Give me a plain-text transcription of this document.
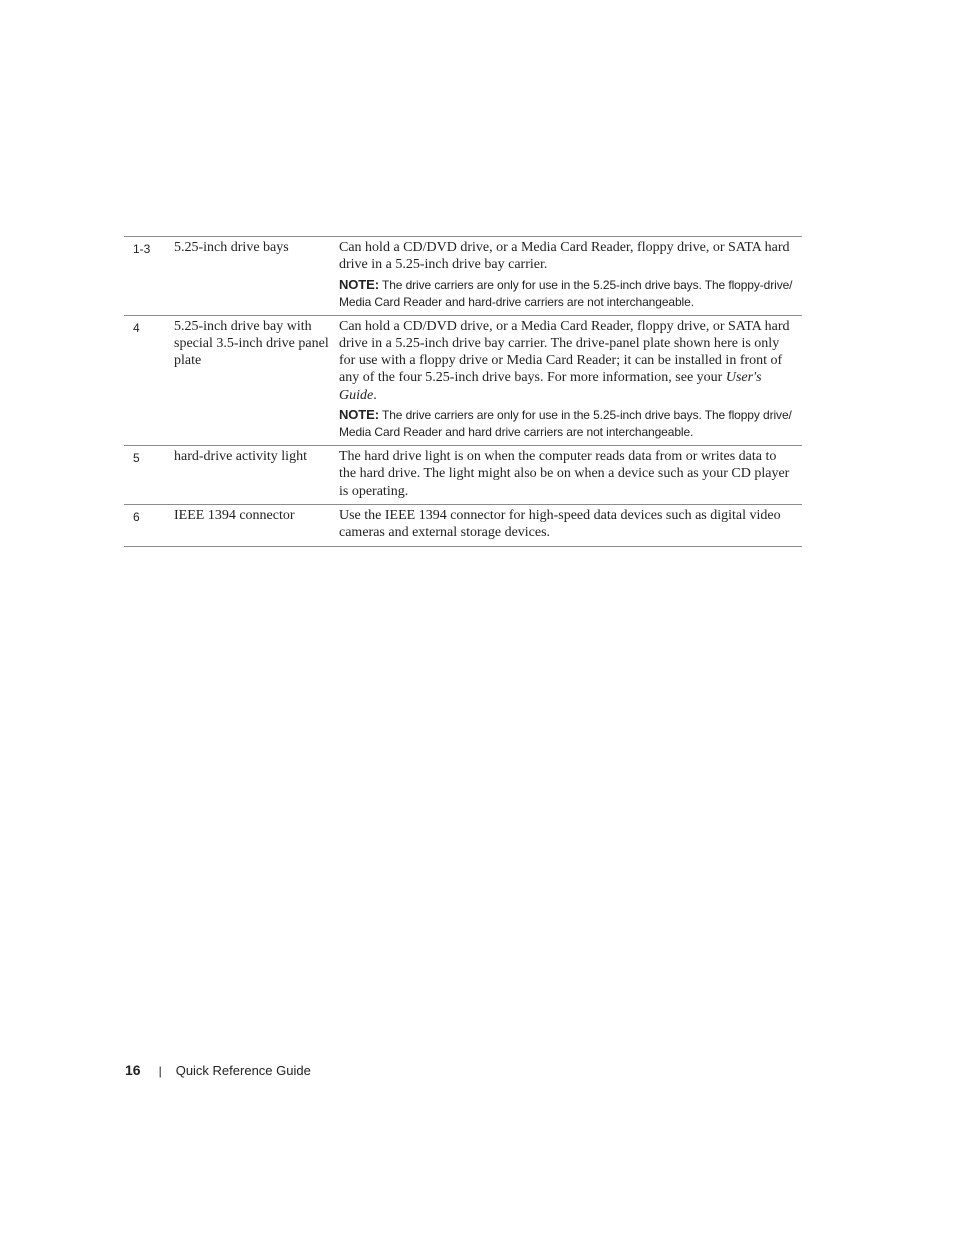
1-3	5.25-inch drive bays	Can hold a CD/DVD drive, or a Media Card Reader, floppy drive, or SATA hard drive in a 5.25-inch drive bay carrier.

NOTE: The drive carriers are only for use in the 5.25-inch drive bays. The floppy-drive/ Media Card Reader and hard-drive carriers are not interchangeable.

4	5.25-inch drive bay with special 3.5-inch drive panel plate	Can hold a CD/DVD drive, or a Media Card Reader, floppy drive, or SATA hard drive in a 5.25-inch drive bay carrier. The drive-panel plate shown here is only for use with a floppy drive or Media Card Reader; it can be installed in front of any of the four 5.25-inch drive bays. For more information, see your User's Guide.

NOTE: The drive carriers are only for use in the 5.25-inch drive bays. The floppy drive/ Media Card Reader and hard drive carriers are not interchangeable.

5	hard-drive activity light	The hard drive light is on when the computer reads data from or writes data to the hard drive. The light might also be on when a device such as your CD player is operating.

6	IEEE 1394 connector	Use the IEEE 1394 connector for high-speed data devices such as digital video cameras and external storage devices.

16 | Quick Reference Guide
